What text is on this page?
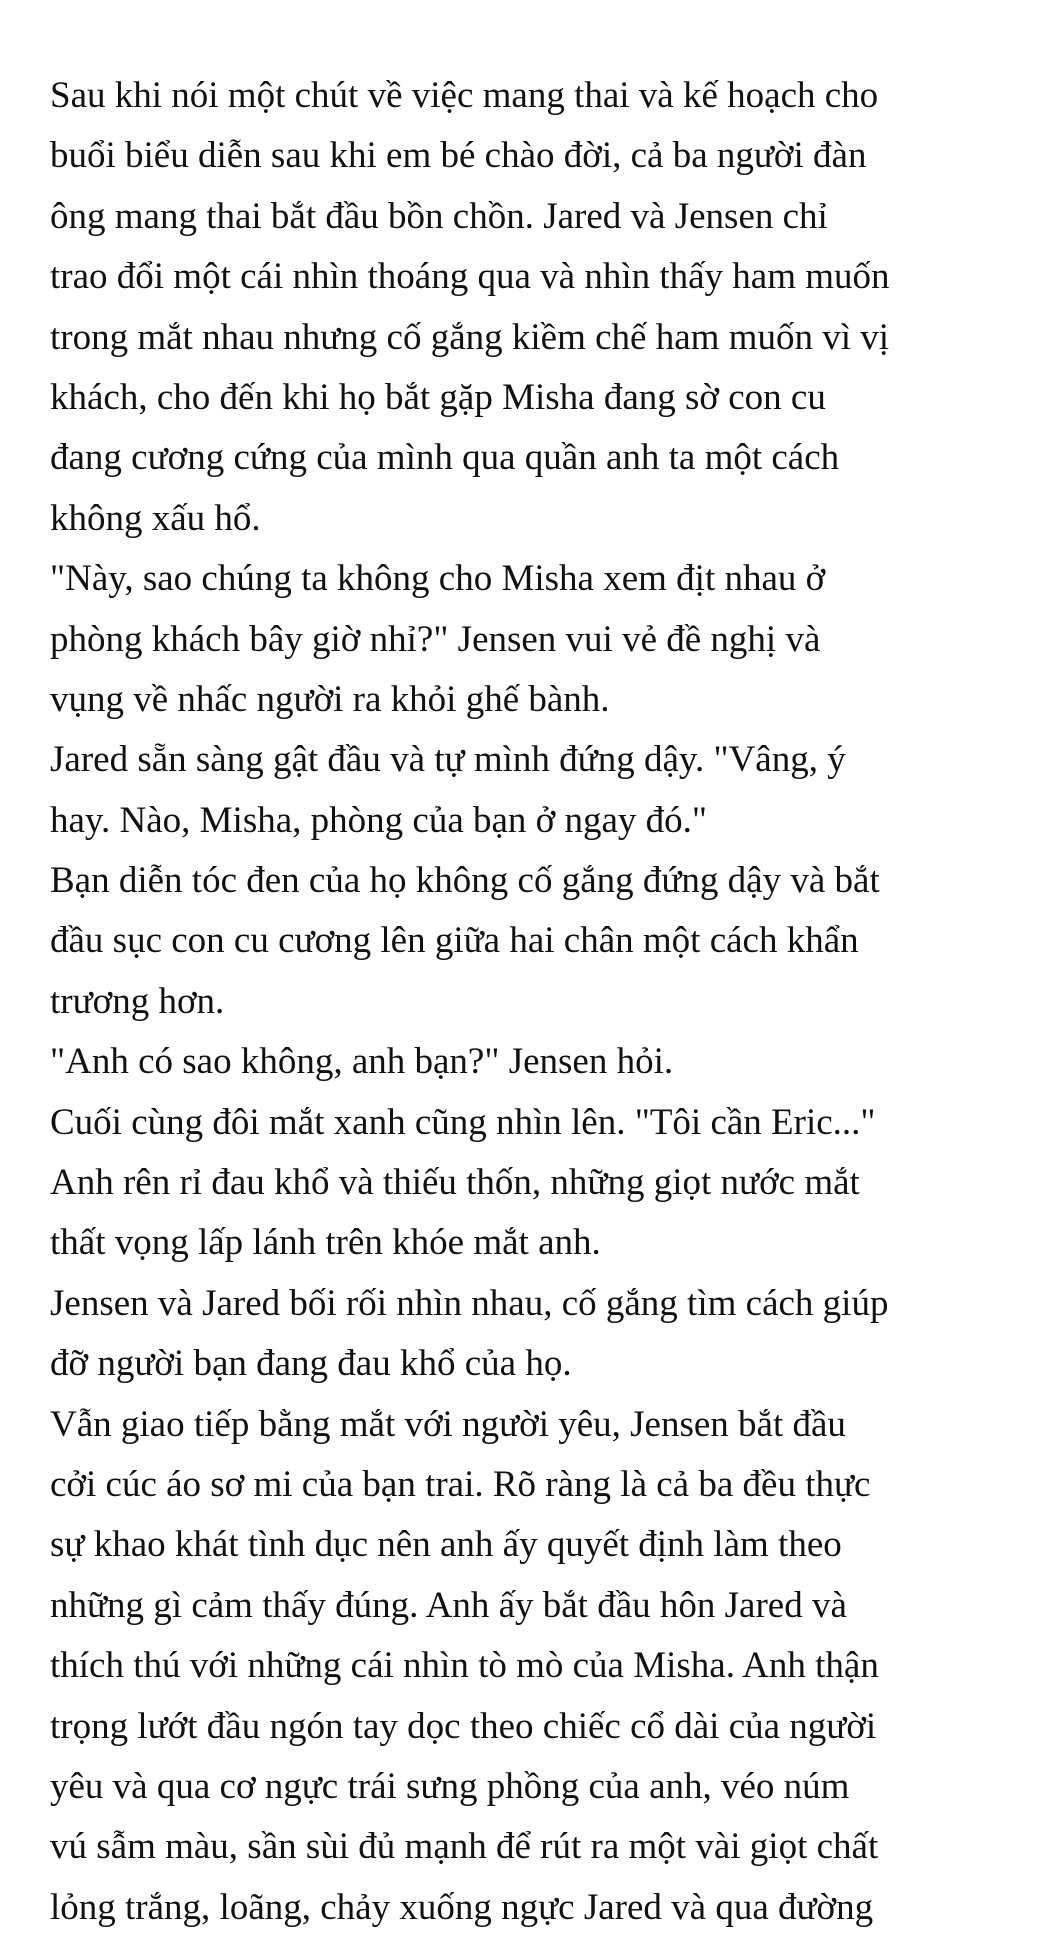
Sau khi nói một chút về việc mang thai và kế hoạch cho
buổi biểu diễn sau khi em bé chào đời, cả ba người đàn
ông mang thai bắt đầu bồn chồn. Jared và Jensen chỉ
trao đổi một cái nhìn thoáng qua và nhìn thấy ham muốn
trong mắt nhau nhưng cố gắng kiềm chế ham muốn vì vị
khách, cho đến khi họ bắt gặp Misha đang sờ con cu
đang cương cứng của mình qua quần anh ta một cách
không xấu hổ.
"Này, sao chúng ta không cho Misha xem địt nhau ở
phòng khách bây giờ nhỉ?" Jensen vui vẻ đề nghị và
vụng về nhấc người ra khỏi ghế bành.
Jared sẵn sàng gật đầu và tự mình đứng dậy. "Vâng, ý
hay. Nào, Misha, phòng của bạn ở ngay đó."
Bạn diễn tóc đen của họ không cố gắng đứng dậy và bắt
đầu sục con cu cương lên giữa hai chân một cách khẩn
trương hơn.
"Anh có sao không, anh bạn?" Jensen hỏi.
Cuối cùng đôi mắt xanh cũng nhìn lên. "Tôi cần Eric..."
Anh rên rỉ đau khổ và thiếu thốn, những giọt nước mắt
thất vọng lấp lánh trên khóe mắt anh.
Jensen và Jared bối rối nhìn nhau, cố gắng tìm cách giúp
đỡ người bạn đang đau khổ của họ.
Vẫn giao tiếp bằng mắt với người yêu, Jensen bắt đầu
cởi cúc áo sơ mi của bạn trai. Rõ ràng là cả ba đều thực
sự khao khát tình dục nên anh ấy quyết định làm theo
những gì cảm thấy đúng. Anh ấy bắt đầu hôn Jared và
thích thú với những cái nhìn tò mò của Misha. Anh thận
trọng lướt đầu ngón tay dọc theo chiếc cổ dài của người
yêu và qua cơ ngực trái sưng phồng của anh, véo núm
vú sẫm màu, sần sùi đủ mạnh để rút ra một vài giọt chất
lỏng trắng, loãng, chảy xuống ngực Jared và qua đường
